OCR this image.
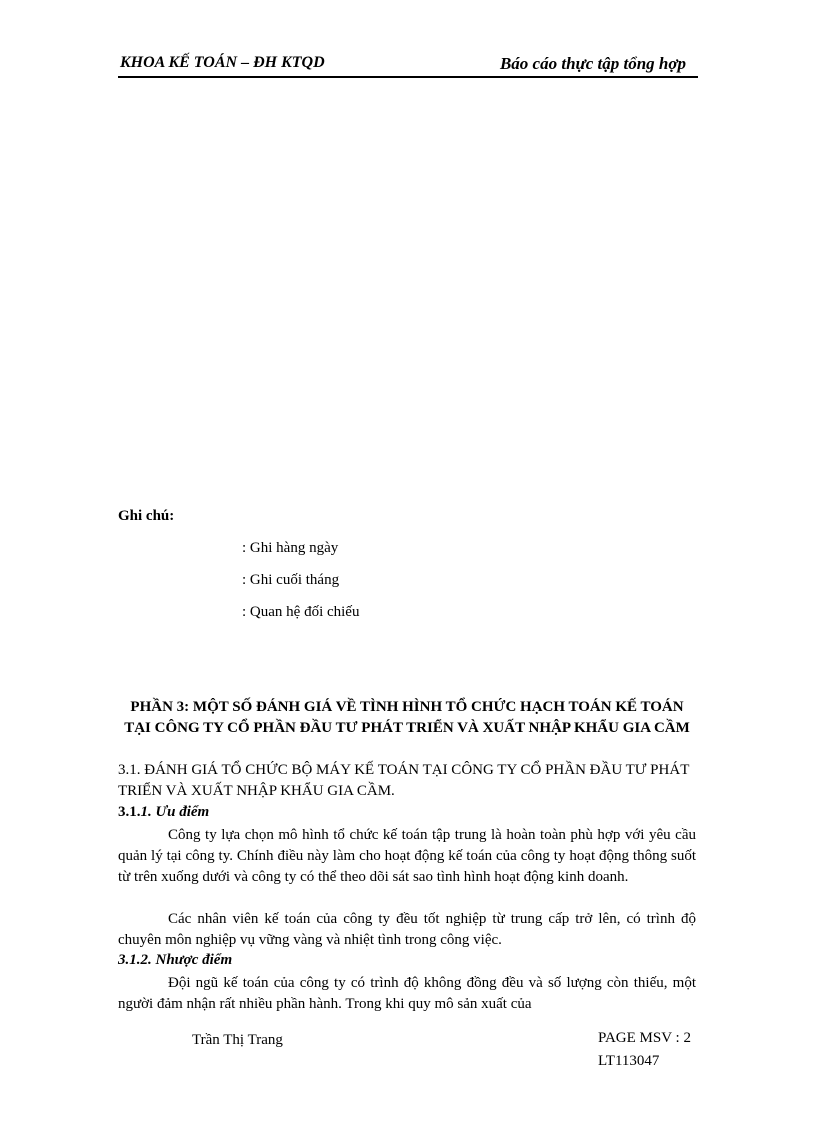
KHOA KẾ TOÁN – ĐH KTQD	Báo cáo thực tập tổng hợp
Ghi chú:
: Ghi hàng ngày
: Ghi cuối tháng
: Quan hệ đối chiếu
PHẦN 3: MỘT SỐ ĐÁNH GIÁ VỀ TÌNH HÌNH TỔ CHỨC HẠCH TOÁN KẾ TOÁN TẠI CÔNG TY CỔ PHẦN ĐẦU TƯ PHÁT TRIỂN VÀ XUẤT NHẬP KHẨU GIA CẦM
3.1. ĐÁNH GIÁ TỔ CHỨC BỘ MÁY KẾ TOÁN TẠI CÔNG TY CỔ PHẦN ĐẦU TƯ PHÁT TRIỂN VÀ XUẤT NHẬP KHẨU GIA CẦM.
3.1.1. Ưu điểm
Công ty lựa chọn mô hình tổ chức kế toán tập trung là hoàn toàn phù hợp với yêu cầu quản lý tại công ty. Chính điều này làm cho hoạt động kế toán của công ty hoạt động thông suốt từ trên xuống dưới và công ty có thể theo dõi sát sao tình hình hoạt động kinh doanh.
Các nhân viên kế toán của công ty đều tốt nghiệp từ trung cấp trở lên, có trình độ chuyên môn nghiệp vụ vững vàng và nhiệt tình trong công việc.
3.1.2. Nhược điểm
Đội ngũ kế toán của công ty có trình độ không đồng đều và số lượng còn thiếu, một người đảm nhận rất nhiều phần hành. Trong khi quy mô sản xuất của
Trần Thị Trang	PAGE MSV : 2
LT113047
